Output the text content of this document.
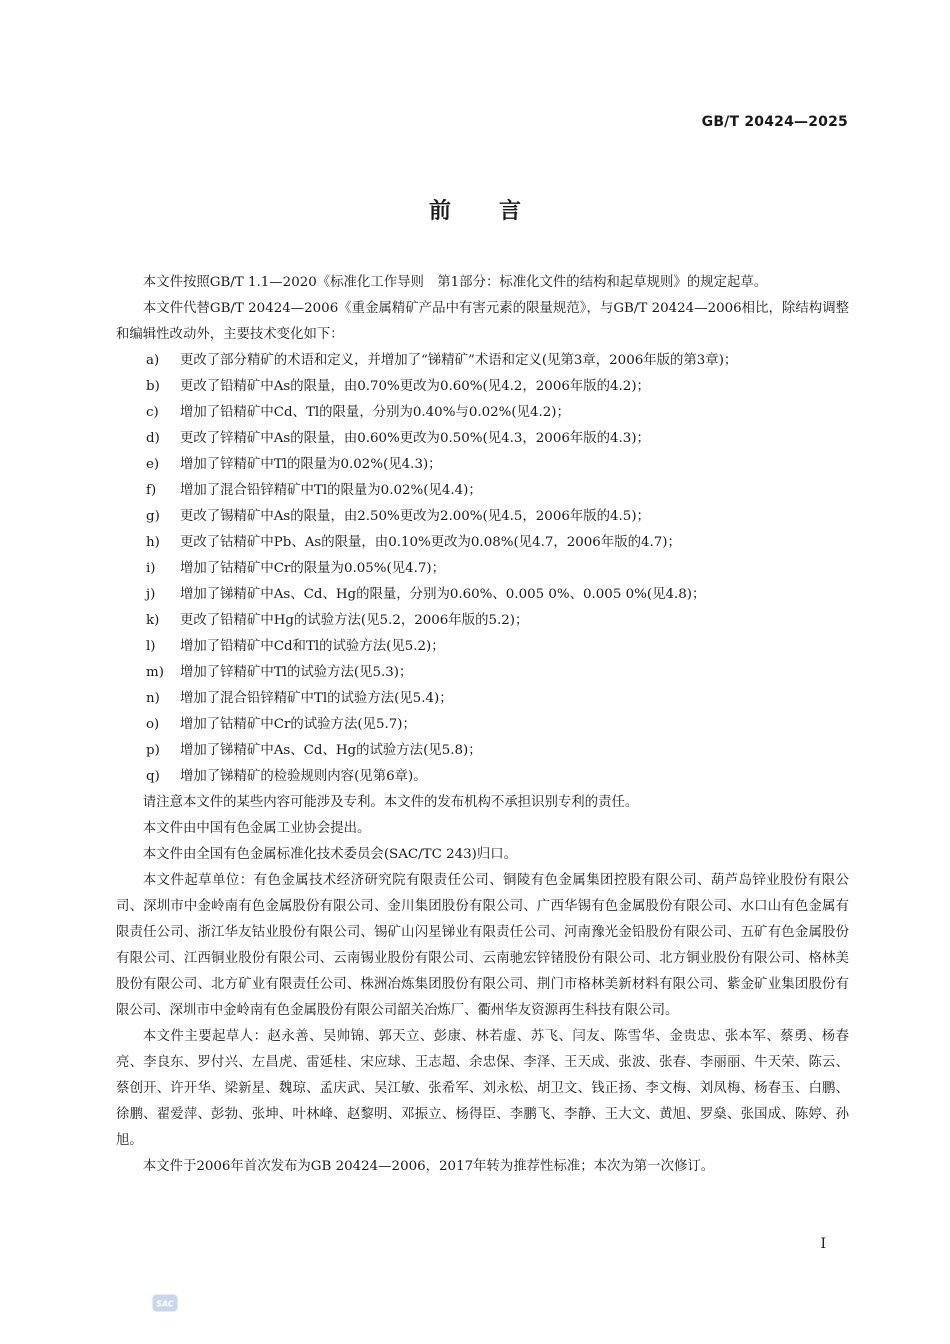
GB/T 20424—2025
前 言

本文件按照GB/T 1.1—2020《标准化工作导则　第1部分：标准化文件的结构和起草规则》的规定起草。

本文件代替GB/T 20424—2006《重金属精矿产品中有害元素的限量规范》，与GB/T 20424—2006相比，除结构调整和编辑性改动外，主要技术变化如下：

a) 更改了部分精矿的术语和定义，并增加了“锑精矿”术语和定义(见第3章，2006年版的第3章)；

b) 更改了铅精矿中As的限量，由0.70%更改为0.60%(见4.2，2006年版的4.2)；

c) 增加了铅精矿中Cd、Tl的限量，分别为0.40%与0.02%(见4.2)；

d) 更改了锌精矿中As的限量，由0.60%更改为0.50%(见4.3，2006年版的4.3)；

e) 增加了锌精矿中Tl的限量为0.02%(见4.3)；

f) 增加了混合铅锌精矿中Tl的限量为0.02%(见4.4)；

g) 更改了锡精矿中As的限量，由2.50%更改为2.00%(见4.5，2006年版的4.5)；

h) 更改了钴精矿中Pb、As的限量，由0.10%更改为0.08%(见4.7，2006年版的4.7)；

i) 增加了钴精矿中Cr的限量为0.05%(见4.7)；

j) 增加了锑精矿中As、Cd、Hg的限量，分别为0.60%、0.005 0%、0.005 0%(见4.8)；

k) 更改了铅精矿中Hg的试验方法(见5.2，2006年版的5.2)；

l) 增加了铅精矿中Cd和Tl的试验方法(见5.2)；

m) 增加了锌精矿中Tl的试验方法(见5.3)；

n) 增加了混合铅锌精矿中Tl的试验方法(见5.4)；

o) 增加了钴精矿中Cr的试验方法(见5.7)；

p) 增加了锑精矿中As、Cd、Hg的试验方法(见5.8)；

q) 增加了锑精矿的检验规则内容(见第6章)。

请注意本文件的某些内容可能涉及专利。本文件的发布机构不承担识别专利的责任。

本文件由中国有色金属工业协会提出。

本文件由全国有色金属标准化技术委员会(SAC/TC 243)归口。

本文件起草单位：有色金属技术经济研究院有限责任公司、铜陵有色金属集团控股有限公司、葫芦岛锌业股份有限公司、深圳市中金岭南有色金属股份有限公司、金川集团股份有限公司、广西华锡有色金属股份有限公司、水口山有色金属有限责任公司、浙江华友钴业股份有限公司、锡矿山闪星锑业有限责任公司、河南豫光金铅股份有限公司、五矿有色金属股份有限公司、江西铜业股份有限公司、云南锡业股份有限公司、云南驰宏锌锗股份有限公司、北方铜业股份有限公司、格林美股份有限公司、北方矿业有限责任公司、株洲冶炼集团股份有限公司、荆门市格林美新材料有限公司、紫金矿业集团股份有限公司、深圳市中金岭南有色金属股份有限公司韶关冶炼厂、衢州华友资源再生科技有限公司。

本文件主要起草人：赵永善、吴帅锦、郭天立、彭康、林若虚、苏飞、闫友、陈雪华、金贵忠、张本军、蔡勇、杨春亮、李良东、罗付兴、左昌虎、雷延桂、宋应球、王志超、余忠保、李泽、王天成、张波、张春、李丽丽、牛天荣、陈云、蔡创开、许开华、梁新星、魏琼、孟庆武、吴江敏、张希军、刘永松、胡卫文、钱正扬、李文梅、刘凤梅、杨春玉、白鹏、徐鹏、翟爱萍、彭勃、张坤、叶林峰、赵黎明、邓振立、杨得臣、李鹏飞、李静、王大文、黄旭、罗燊、张国成、陈婷、孙旭。

本文件于2006年首次发布为GB 20424—2006，2017年转为推荐性标准；本次为第一次修订。

I
SAC
